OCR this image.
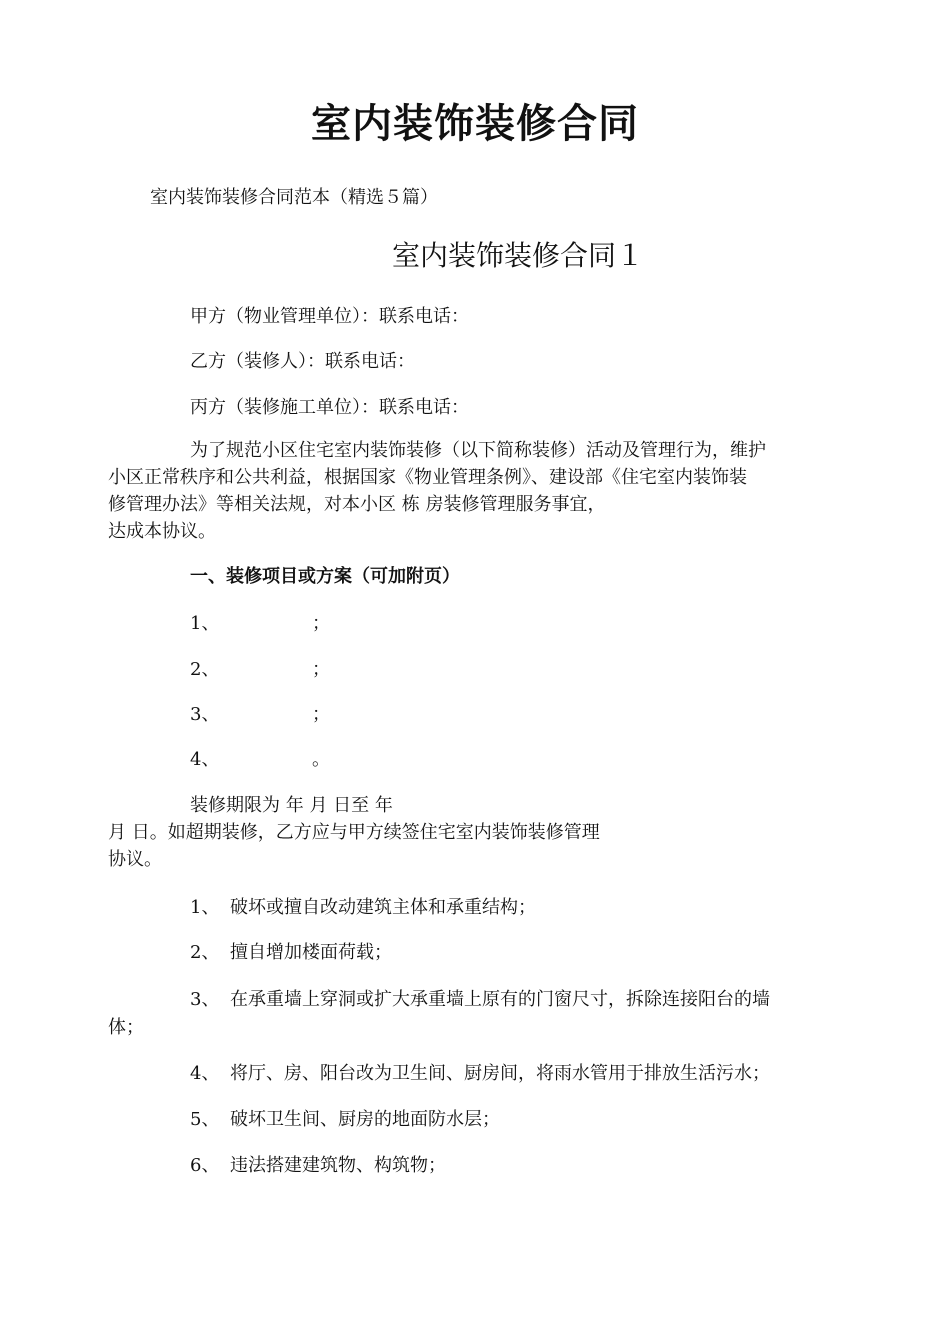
室内装饰装修合同
室内装饰装修合同范本（精选５篇）
室内装饰装修合同１
甲方（物业管理单位）：联系电话：
乙方（装修人）：联系电话：
丙方（装修施工单位）：联系电话：
为了规范小区住宅室内装饰装修（以下简称装修）活动及管理行为，维护
小区正常秩序和公共利益，根据国家《物业管理条例》、建设部《住宅室内装饰装
修管理办法》等相关法规，对本小区 栋 房装修管理服务事宜，
达成本协议。
一、装修项目或方案（可加附页）
1、	；
2、	；
3、	；
4、	。
装修期限为 年 月 日至 年
月 日。如超期装修，乙方应与甲方续签住宅室内装饰装修管理
协议。
1、 破坏或擅自改动建筑主体和承重结构；
2、 擅自增加楼面荷载；
3、 在承重墙上穿洞或扩大承重墙上原有的门窗尺寸，拆除连接阳台的墙
体；
4、 将厅、房、阳台改为卫生间、厨房间，将雨水管用于排放生活污水；
5、 破坏卫生间、厨房的地面防水层；
6、 违法搭建建筑物、构筑物；
